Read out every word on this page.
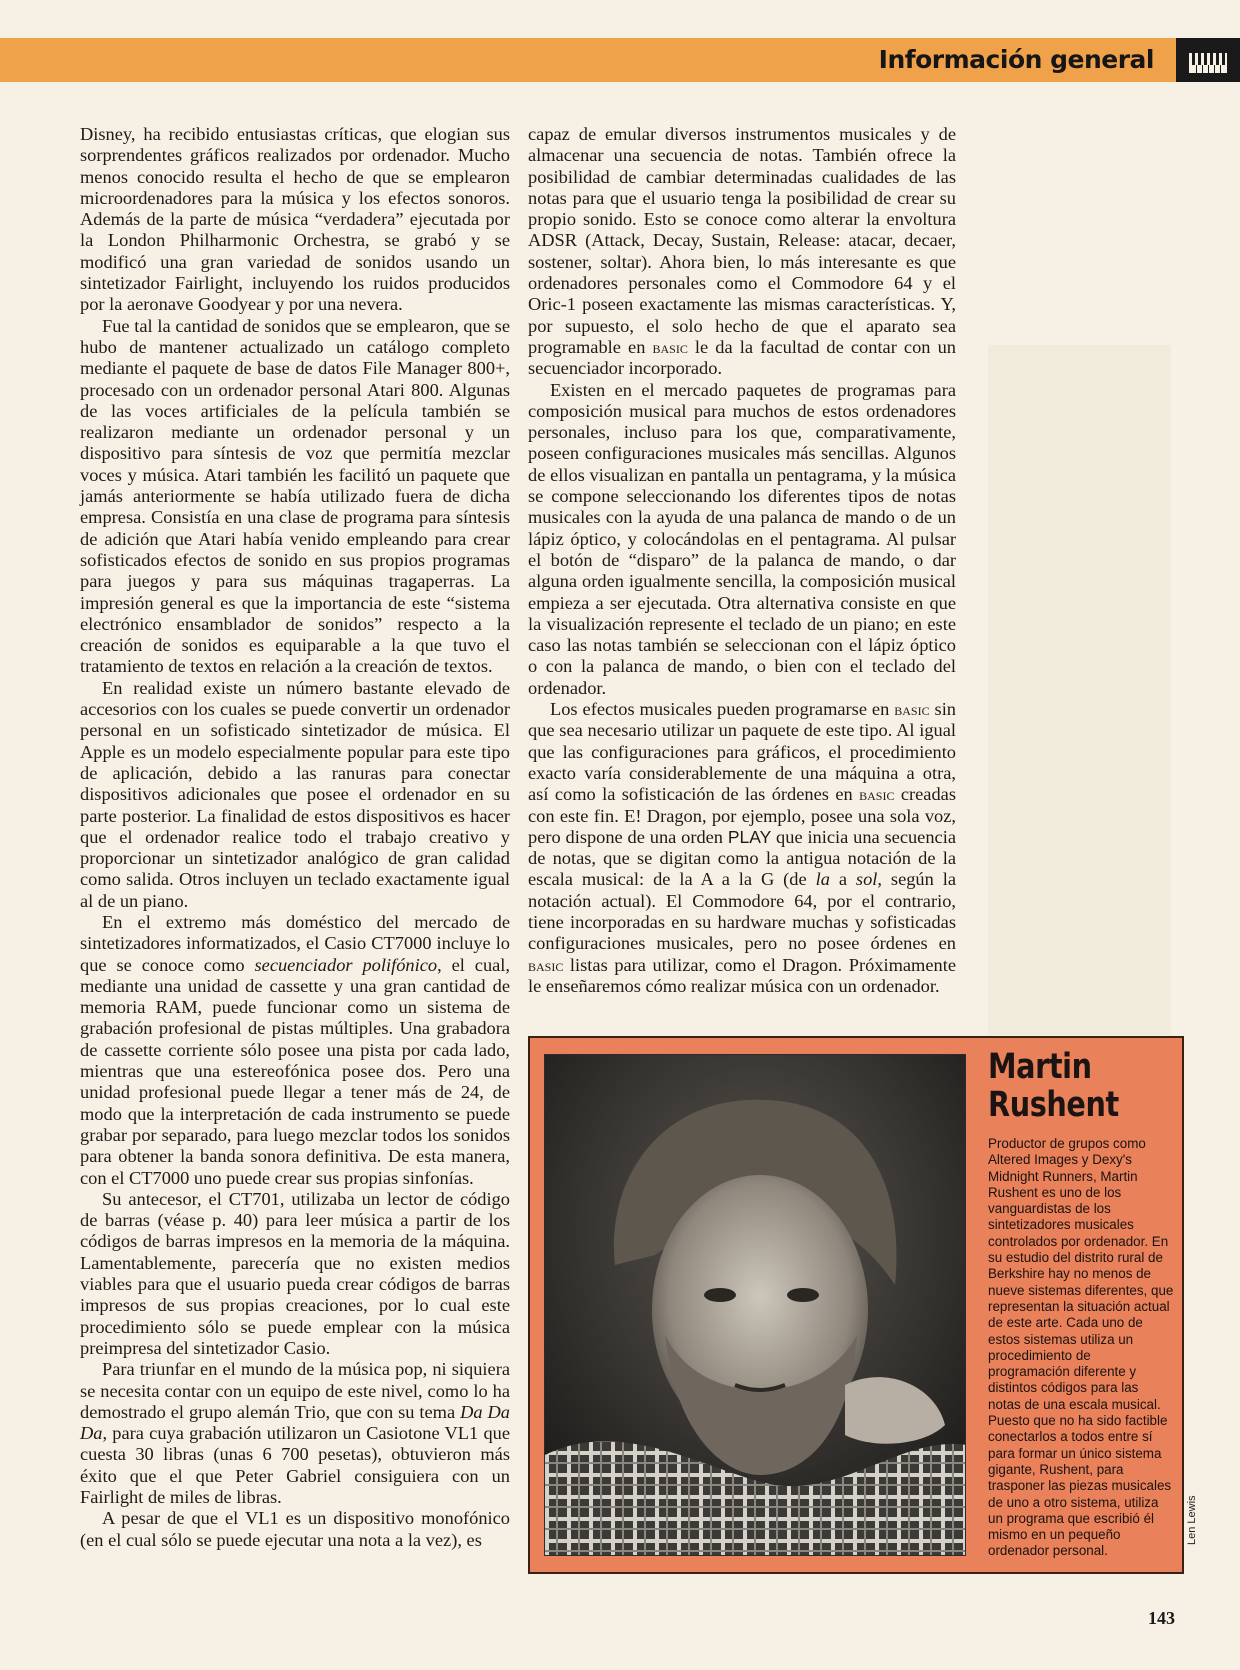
Información general

Disney, ha recibido entusiastas críticas, que elogian sus sorprendentes gráficos realizados por ordenador. Mucho menos conocido resulta el hecho de que se emplearon microordenadores para la música y los efectos sonoros. Además de la parte de música “verdadera” ejecutada por la London Philharmonic Orchestra, se grabó y se modificó una gran variedad de sonidos usando un sintetizador Fairlight, incluyendo los ruidos producidos por la aeronave Goodyear y por una nevera.

Fue tal la cantidad de sonidos que se emplearon, que se hubo de mantener actualizado un catálogo completo mediante el paquete de base de datos File Manager 800+, procesado con un ordenador personal Atari 800. Algunas de las voces artificiales de la película también se realizaron mediante un ordenador personal y un dispositivo para síntesis de voz que permitía mezclar voces y música. Atari también les facilitó un paquete que jamás anteriormente se había utilizado fuera de dicha empresa. Consistía en una clase de programa para síntesis de adición que Atari había venido empleando para crear sofisticados efectos de sonido en sus propios programas para juegos y para sus máquinas tragaperras. La impresión general es que la importancia de este “sistema electrónico ensamblador de sonidos” respecto a la creación de sonidos es equiparable a la que tuvo el tratamiento de textos en relación a la creación de textos.

En realidad existe un número bastante elevado de accesorios con los cuales se puede convertir un ordenador personal en un sofisticado sintetizador de música. El Apple es un modelo especialmente popular para este tipo de aplicación, debido a las ranuras para conectar dispositivos adicionales que posee el ordenador en su parte posterior. La finalidad de estos dispositivos es hacer que el ordenador realice todo el trabajo creativo y proporcionar un sintetizador analógico de gran calidad como salida. Otros incluyen un teclado exactamente igual al de un piano.

En el extremo más doméstico del mercado de sintetizadores informatizados, el Casio CT7000 incluye lo que se conoce como secuenciador polifónico, el cual, mediante una unidad de cassette y una gran cantidad de memoria RAM, puede funcionar como un sistema de grabación profesional de pistas múltiples. Una grabadora de cassette corriente sólo posee una pista por cada lado, mientras que una estereofónica posee dos. Pero una unidad profesional puede llegar a tener más de 24, de modo que la interpretación de cada instrumento se puede grabar por separado, para luego mezclar todos los sonidos para obtener la banda sonora definitiva. De esta manera, con el CT7000 uno puede crear sus propias sinfonías.

Su antecesor, el CT701, utilizaba un lector de código de barras (véase p. 40) para leer música a partir de los códigos de barras impresos en la memoria de la máquina. Lamentablemente, parecería que no existen medios viables para que el usuario pueda crear códigos de barras impresos de sus propias creaciones, por lo cual este procedimiento sólo se puede emplear con la música preimpresa del sintetizador Casio.

Para triunfar en el mundo de la música pop, ni siquiera se necesita contar con un equipo de este nivel, como lo ha demostrado el grupo alemán Trio, que con su tema Da Da Da, para cuya grabación utilizaron un Casiotone VL1 que cuesta 30 libras (unas 6 700 pesetas), obtuvieron más éxito que el que Peter Gabriel consiguiera con un Fairlight de miles de libras.

A pesar de que el VL1 es un dispositivo monofónico (en el cual sólo se puede ejecutar una nota a la vez), es

capaz de emular diversos instrumentos musicales y de almacenar una secuencia de notas. También ofrece la posibilidad de cambiar determinadas cualidades de las notas para que el usuario tenga la posibilidad de crear su propio sonido. Esto se conoce como alterar la envoltura ADSR (Attack, Decay, Sustain, Release: atacar, decaer, sostener, soltar). Ahora bien, lo más interesante es que ordenadores personales como el Commodore 64 y el Oric-1 poseen exactamente las mismas características. Y, por supuesto, el solo hecho de que el aparato sea programable en basic le da la facultad de contar con un secuenciador incorporado.

Existen en el mercado paquetes de programas para composición musical para muchos de estos ordenadores personales, incluso para los que, comparativamente, poseen configuraciones musicales más sencillas. Algunos de ellos visualizan en pantalla un pentagrama, y la música se compone seleccionando los diferentes tipos de notas musicales con la ayuda de una palanca de mando o de un lápiz óptico, y colocándolas en el pentagrama. Al pulsar el botón de “disparo” de la palanca de mando, o dar alguna orden igualmente sencilla, la composición musical empieza a ser ejecutada. Otra alternativa consiste en que la visualización represente el teclado de un piano; en este caso las notas también se seleccionan con el lápiz óptico o con la palanca de mando, o bien con el teclado del ordenador.

Los efectos musicales pueden programarse en basic sin que sea necesario utilizar un paquete de este tipo. Al igual que las configuraciones para gráficos, el procedimiento exacto varía considerablemente de una máquina a otra, así como la sofisticación de las órdenes en basic creadas con este fin. E! Dragon, por ejemplo, posee una sola voz, pero dispone de una orden PLAY que inicia una secuencia de notas, que se digitan como la antigua notación de la escala musical: de la A a la G (de la a sol, según la notación actual). El Commodore 64, por el contrario, tiene incorporadas en su hardware muchas y sofisticadas configuraciones musicales, pero no posee órdenes en basic listas para utilizar, como el Dragon. Próximamente le enseñaremos cómo realizar música con un ordenador.

Martin
Rushent
Productor de grupos como Altered Images y Dexy's Midnight Runners, Martin Rushent es uno de los vanguardistas de los sintetizadores musicales controlados por ordenador. En su estudio del distrito rural de Berkshire hay no menos de nueve sistemas diferentes, que representan la situación actual de este arte. Cada uno de estos sistemas utiliza un procedimiento de programación diferente y distintos códigos para las notas de una escala musical. Puesto que no ha sido factible conectarlos a todos entre sí para formar un único sistema gigante, Rushent, para trasponer las piezas musicales de uno a otro sistema, utiliza un programa que escribió él mismo en un pequeño ordenador personal.
Len Lewis
143
